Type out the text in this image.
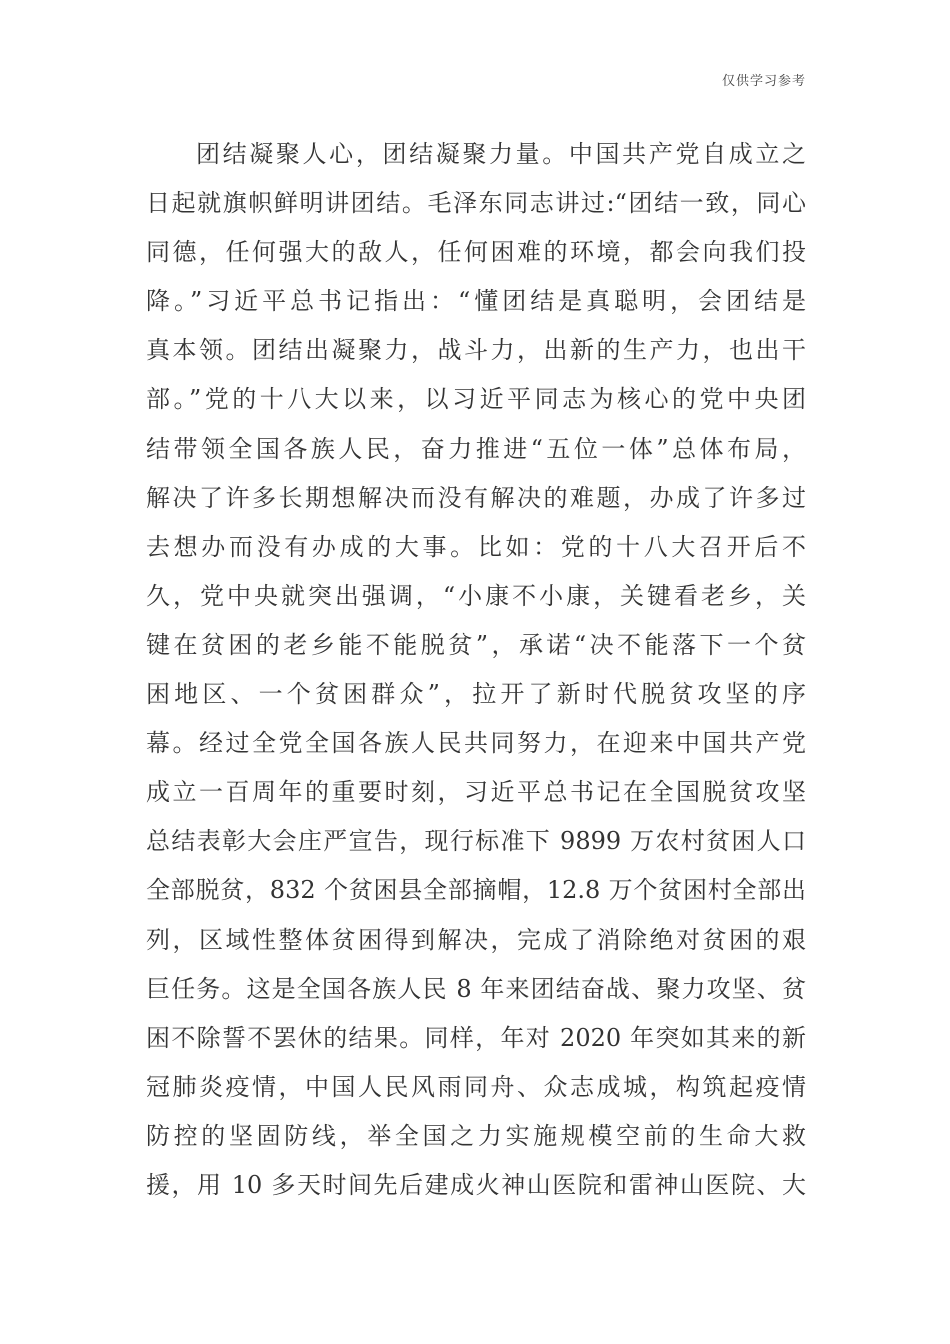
仅供学习参考
团结凝聚人心，团结凝聚力量。中国共产党自成立之
日起就旗帜鲜明讲团结。毛泽东同志讲过:“团结一致，同心
同德，任何强大的敌人，任何困难的环境，都会向我们投
降。”习近平总书记指出：“懂团结是真聪明，会团结是
真本领。团结出凝聚力，战斗力，出新的生产力，也出干
部。”党的十八大以来，以习近平同志为核心的党中央团
结带领全国各族人民，奋力推进“五位一体”总体布局，
解决了许多长期想解决而没有解决的难题，办成了许多过
去想办而没有办成的大事。比如：党的十八大召开后不
久，党中央就突出强调，“小康不小康，关键看老乡，关
键在贫困的老乡能不能脱贫”，承诺“决不能落下一个贫
困地区、一个贫困群众”，拉开了新时代脱贫攻坚的序
幕。经过全党全国各族人民共同努力，在迎来中国共产党
成立一百周年的重要时刻，习近平总书记在全国脱贫攻坚
总结表彰大会庄严宣告，现行标准下 9899 万农村贫困人口
全部脱贫，832 个贫困县全部摘帽，12.8 万个贫困村全部出
列，区域性整体贫困得到解决，完成了消除绝对贫困的艰
巨任务。这是全国各族人民 8 年来团结奋战、聚力攻坚、贫
困不除誓不罢休的结果。同样，年对 2020 年突如其来的新
冠肺炎疫情，中国人民风雨同舟、众志成城，构筑起疫情
防控的坚固防线，举全国之力实施规模空前的生命大救
援，用 10 多天时间先后建成火神山医院和雷神山医院、大
